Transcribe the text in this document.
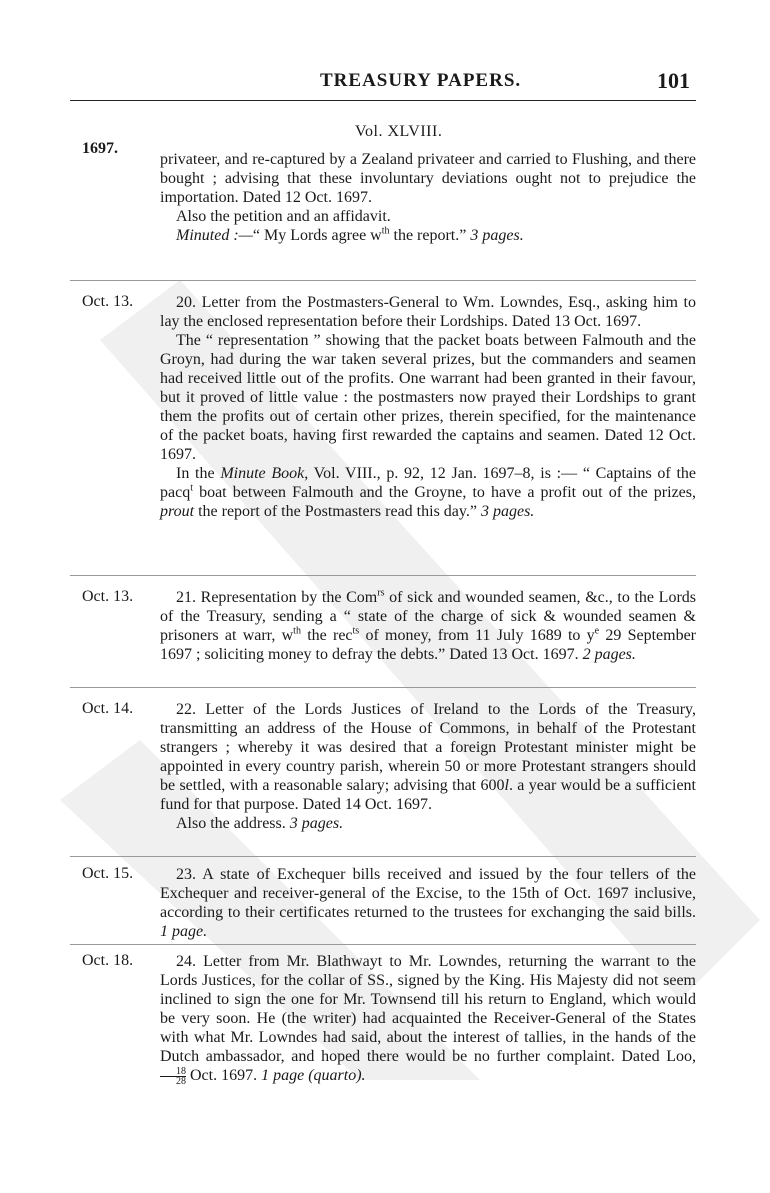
TREASURY PAPERS.	101
1697.
Vol. XLVIII.

privateer, and re-captured by a Zealand privateer and carried to Flushing, and there bought ; advising that these involuntary deviations ought not to prejudice the importation. Dated 12 Oct. 1697.

Also the petition and an affidavit.

Minuted :—“ My Lords agree $w^{th}$ the report.” 3 pages.

Oct. 13.	20. Letter from the Postmasters-General to Wm. Lowndes, Esq., asking him to lay the enclosed representation before their Lordships. Dated 13 Oct. 1697.

The “ representation ” showing that the packet boats between Falmouth and the Groyn, had during the war taken several prizes, but the commanders and seamen had received little out of the profits. One warrant had been granted in their favour, but it proved of little value : the postmasters now prayed their Lordships to grant them the profits out of certain other prizes, therein specified, for the maintenance of the packet boats, having first rewarded the captains and seamen. Dated 12 Oct. 1697.

In the Minute Book, Vol. VIII., p. 92, 12 Jan. 1697–8, is :— “ Captains of the pacq$^t$ boat between Falmouth and the Groyne, to have a profit out of the prizes, prout the report of the Postmasters read this day.” 3 pages.

Oct. 13.	21. Representation by the Com$^{rs}$ of sick and wounded seamen, &c., to the Lords of the Treasury, sending a “ state of the charge of sick & wounded seamen & prisoners at warr, $w^{th}$ the rec$^{ts}$ of money, from 11 July 1689 to $y^e$ 29 September 1697 ; soliciting money to defray the debts.” Dated 13 Oct. 1697. 2 pages.

Oct. 14.	22. Letter of the Lords Justices of Ireland to the Lords of the Treasury, transmitting an address of the House of Commons, in behalf of the Protestant strangers ; whereby it was desired that a foreign Protestant minister might be appointed in every country parish, wherein 50 or more Protestant strangers should be settled, with a reasonable salary; advising that 600l. a year would be a sufficient fund for that purpose. Dated 14 Oct. 1697.

Also the address. 3 pages.

Oct. 15.	23. A state of Exchequer bills received and issued by the four tellers of the Exchequer and receiver-general of the Excise, to the 15th of Oct. 1697 inclusive, according to their certificates returned to the trustees for exchanging the said bills. 1 page.

Oct. 18.	24. Letter from Mr. Blathwayt to Mr. Lowndes, returning the warrant to the Lords Justices, for the collar of SS., signed by the King. His Majesty did not seem inclined to sign the one for Mr. Townsend till his return to England, which would be very soon. He (the writer) had acquainted the Receiver-General of the States with what Mr. Lowndes had said, about the interest of tallies, in the hands of the Dutch ambassador, and hoped there would be no further complaint. Dated Loo,
$\frac{18}{28}$ Oct. 1697. 1 page (quarto).
